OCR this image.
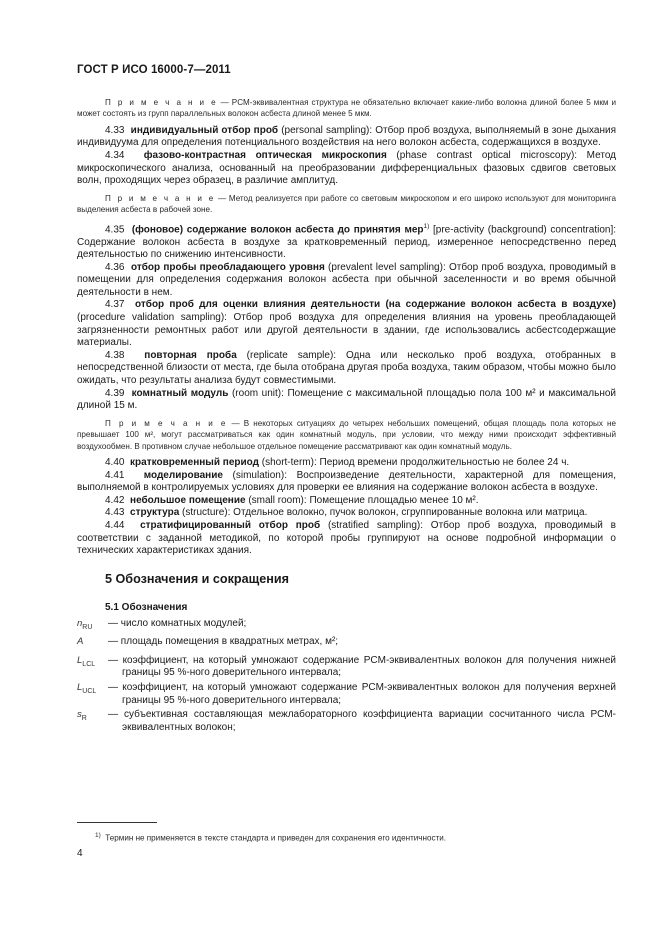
ГОСТ Р ИСО 16000-7—2011

П р и м е ч а н и е — PCM-эквивалентная структура не обязательно включает какие-либо волокна длиной более 5 мкм и может состоять из групп параллельных волокон асбеста длиной менее 5 мкм.

4.33 индивидуальный отбор проб (personal sampling): Отбор проб воздуха, выполняемый в зоне дыхания индивидуума для определения потенциального воздействия на него волокон асбеста, содержащихся в воздухе.

4.34 фазово-контрастная оптическая микроскопия (phase contrast optical microscopy): Метод микроскопического анализа, основанный на преобразовании дифференциальных фазовых сдвигов световых волн, проходящих через образец, в различие амплитуд.

П р и м е ч а н и е — Метод реализуется при работе со световым микроскопом и его широко используют для мониторинга выделения асбеста в рабочей зоне.

4.35 (фоновое) содержание волокон асбеста до принятия мер$^{1)}$ [pre-activity (background) concentration]: Содержание волокон асбеста в воздухе за кратковременный период, измеренное непосредственно перед деятельностью по снижению интенсивности.

4.36 отбор пробы преобладающего уровня (prevalent level sampling): Отбор проб воздуха, проводимый в помещении для определения содержания волокон асбеста при обычной заселенности и во время обычной деятельности в нем.

4.37 отбор проб для оценки влияния деятельности (на содержание волокон асбеста в воздухе) (procedure validation sampling): Отбор проб воздуха для определения влияния на уровень преобладающей загрязненности ремонтных работ или другой деятельности в здании, где использовались асбестсодержащие материалы.

4.38 повторная проба (replicate sample): Одна или несколько проб воздуха, отобранных в непосредственной близости от места, где была отобрана другая проба воздуха, таким образом, чтобы можно было ожидать, что результаты анализа будут совместимыми.

4.39 комнатный модуль (room unit): Помещение с максимальной площадью пола 100 м² и максимальной длиной 15 м.

П р и м е ч а н и е — В некоторых ситуациях до четырех небольших помещений, общая площадь пола которых не превышает 100 м², могут рассматриваться как один комнатный модуль, при условии, что между ними происходит эффективный воздухообмен. В противном случае небольшое отдельное помещение рассматривают как один комнатный модуль.

4.40 кратковременный период (short-term): Период времени продолжительностью не более 24 ч.

4.41 моделирование (simulation): Воспроизведение деятельности, характерной для помещения, выполняемой в контролируемых условиях для проверки ее влияния на содержание волокон асбеста в воздухе.

4.42 небольшое помещение (small room): Помещение площадью менее 10 м².

4.43 структура (structure): Отдельное волокно, пучок волокон, сгруппированные волокна или матрица.

4.44 стратифицированный отбор проб (stratified sampling): Отбор проб воздуха, проводимый в соответствии с заданной методикой, по которой пробы группируют на основе подробной информации о технических характеристиках здания.

5 Обозначения и сокращения
5.1 Обозначения
$n_{RU}$	— число комнатных модулей;
A	— площадь помещения в квадратных метрах, м²;
$L_{LCL}$	— коэффициент, на который умножают содержание PCM-эквивалентных волокон для получения нижней границы 95 %-ного доверительного интервала;
$L_{UCL}$	— коэффициент, на который умножают содержание PCM-эквивалентных волокон для получения верхней границы 95 %-ного доверительного интервала;
$s_R$	— субъективная составляющая межлабораторного коэффициента вариации сосчитанного числа PCM-эквивалентных волокон;
$^{1)}$ Термин не применяется в тексте стандарта и приведен для сохранения его идентичности.
4
